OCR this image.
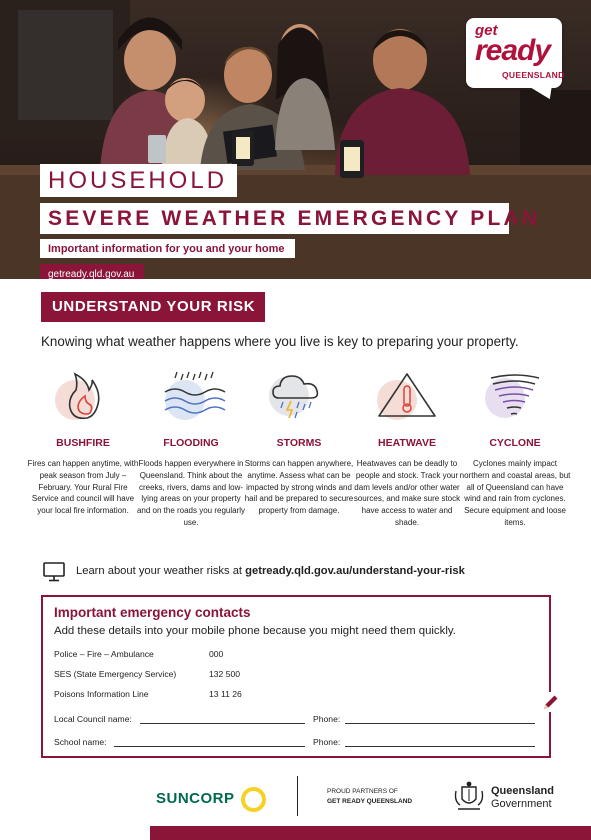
get
ready
QUEENSLAND
HOUSEHOLD
SEVERE WEATHER EMERGENCY PLAN
Important information for you and your home
getready.qld.gov.au
UNDERSTAND YOUR RISK
Knowing what weather happens where you live is key to preparing your property.
BUSHFIRE
Fires can happen anytime, with peak season from July – February. Your Rural Fire Service and council will have your local fire information.
FLOODING
Floods happen everywhere in Queensland. Think about the creeks, rivers, dams and low-lying areas on your property and on the roads you regularly use.
STORMS
Storms can happen anywhere, anytime. Assess what can be impacted by strong winds and hail and be prepared to secure property from damage.
HEATWAVE
Heatwaves can be deadly to people and stock. Track your dam levels and/or other water sources, and make sure stock have access to water and shade.
CYCLONE
Cyclones mainly impact northern and coastal areas, but all of Queensland can have wind and rain from cyclones. Secure equipment and loose items.
Learn about your weather risks at getready.qld.gov.au/understand-your-risk
Important emergency contacts
Add these details into your mobile phone because you might need them quickly.
Police – Fire – Ambulance	000
SES (State Emergency Service)	132 500
Poisons Information Line	13 11 26
Local Council name:	Phone:
School name:	Phone:
SUNCORP	PROUD PARTNERS OF
GET READY QUEENSLAND
Queensland
Government
